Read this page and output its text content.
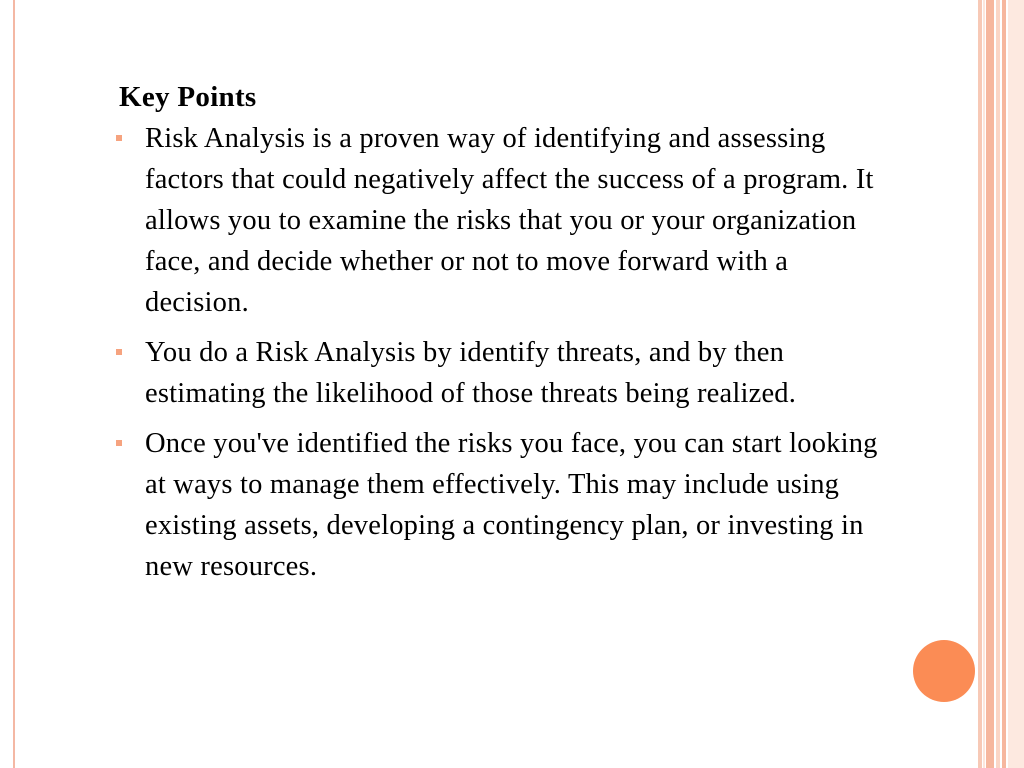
Key Points
Risk Analysis is a proven way of identifying and assessing factors that could negatively affect the success of a program. It allows you to examine the risks that you or your organization face, and decide whether or not to move forward with a decision.
You do a Risk Analysis by identify threats, and by then estimating the likelihood of those threats being realized.
Once you've identified the risks you face, you can start looking at ways to manage them effectively. This may include using existing assets, developing a contingency plan, or investing in new resources.
